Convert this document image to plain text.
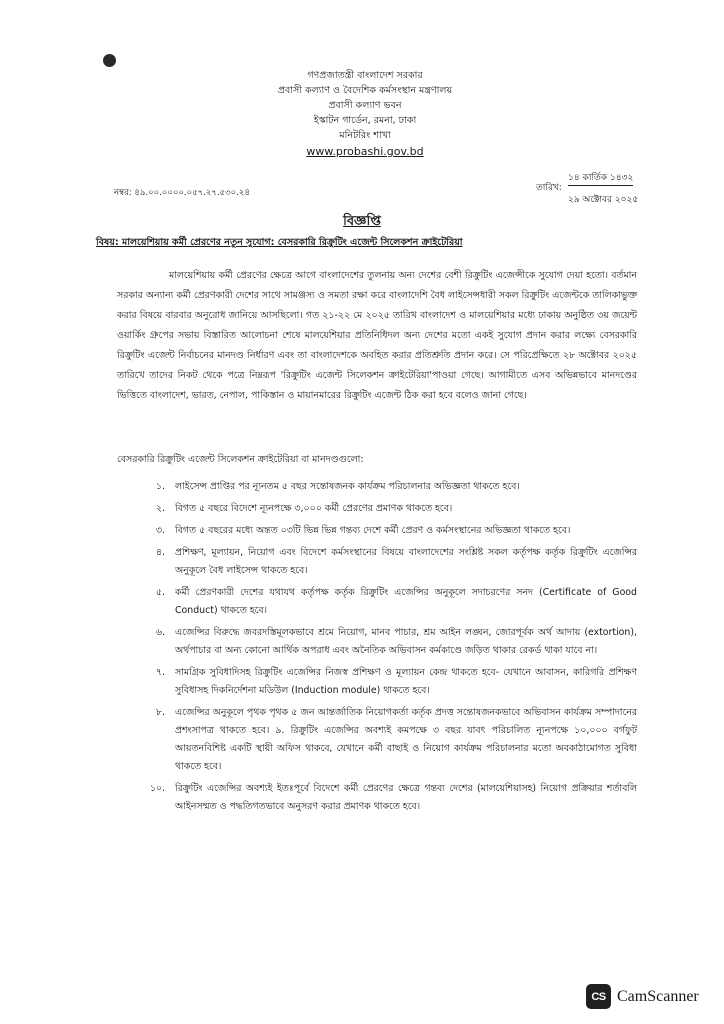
গণপ্রজাতন্ত্রী বাংলাদেশ সরকার
প্রবাসী কল্যাণ ও বৈদেশিক কর্মসংস্থান মন্ত্রণালয়
প্রবাসী কল্যাণ ভবন
ইস্কাটন গার্ডেন, রমনা, ঢাকা
মনিটরিং শাখা
www.probashi.gov.bd
নম্বর: ৪৯.০০.০০০০.০৫৭.২৭.৫৩০.২৪	তারিখ:
১৪ কার্তিক ১৪৩২
২৯ অক্টোবর ২০২৫
বিজ্ঞপ্তি
বিষয়: মালয়েশিয়ায় কর্মী প্রেরণের নতুন সুযোগ: বেসরকারি রিক্রুটিং এজেন্ট সিলেকশন ক্রাইটেরিয়া
মালয়েশিয়ায় কর্মী প্রেরণের ক্ষেত্রে আগে বাংলাদেশের তুলনায় অন্য দেশের বেশী রিক্রুটিং এজেন্সীকে সুযোগ দেয়া হতো। বর্তমান সরকার অন্যান্য কর্মী প্রেরণকারী দেশের সাথে সামঞ্জস্য ও সমতা রক্ষা করে বাংলাদেশি বৈধ লাইসেন্সধারী সকল রিক্রুটিং এজেন্টকে তালিকাভুক্ত করার বিষয়ে বারবার অনুরোধ জানিয়ে আসছিলো। গত ২১-২২ মে ২০২৫ তারিখ বাংলাদেশ ও মালয়েশিয়ার মধ্যে ঢাকায় অনুষ্ঠিত ৩য় জয়েন্ট ওয়ার্কিং গ্রুপের সভায় বিস্তারিত আলোচনা শেষে মালয়েশিয়ার প্রতিনিধিদল অন্য দেশের মতো একই সুযোগ প্রদান করার লক্ষ্যে বেসরকারি রিক্রুটিং এজেন্ট নির্বাচনের মানদণ্ড নির্ধারণ এবং তা বাংলাদেশকে অবহিত করার প্রতিশ্রুতি প্রদান করে। সে পরিপ্রেক্ষিতে ২৮ অক্টোবর ২০২৫ তারিখে তাদের নিকট থেকে পত্রে নিম্নরূপ 'রিক্রুটিং এজেন্ট সিলেকশন ক্রাইটেরিয়া'পাওয়া গেছে। আগামীতে এসব অভিন্নভাবে মানদণ্ডের ভিত্তিতে বাংলাদেশ, ভারত, নেপাল, পাকিস্তান ও মায়ানমারের রিক্রুটিং এজেন্ট ঠিক করা হবে বলেও জানা গেছে।
বেসরকারি রিক্রুটিং এজেন্ট সিলেকশন ক্রাইটেরিয়া বা মানদণ্ডগুলো:
১.	লাইসেন্স প্রাপ্তির পর ন্যূনতম ৫ বছর সন্তোষজনক কার্যক্রম পরিচালনার অভিজ্ঞতা থাকতে হবে।
২.	বিগত ৫ বছরে বিদেশে ন্যূনপক্ষে ৩,০০০ কর্মী প্রেরণের প্রমাণক থাকতে হবে।
৩.	বিগত ৫ বছরের মধ্যে অন্তত ০৩টি ভিন্ন ভিন্ন গন্তব্য দেশে কর্মী প্রেরণ ও কর্মসংস্থানের অভিজ্ঞতা থাকতে হবে।
৪.	প্রশিক্ষণ, মূল্যায়ন, নিয়োগ এবং বিদেশে কর্মসংস্থানের বিষয়ে বাংলাদেশের সংশ্লিষ্ট সকল কর্তৃপক্ষ কর্তৃক রিক্রুটিং এজেন্সির অনুকূলে বৈধ লাইসেন্স থাকতে হবে।
৫.	কর্মী প্রেরণকারী দেশের যথাযথ কর্তৃপক্ষ কর্তৃক রিক্রুটিং এজেন্সির অনুকূলে সদাচরণের সনদ (Certificate of Good Conduct) থাকতে হবে।
৬.	এজেন্সির বিরুদ্ধে জবরদস্তিমূলকভাবে শ্রমে নিয়োগ, মানব পাচার, শ্রম আইন লঙ্ঘন, জোরপূর্বক অর্থ আদায় (extortion), অর্থপাচার বা অন্য কোনো আর্থিক অপরাধ এবং অনৈতিক অভিবাসন কর্মকাণ্ডে জড়িত থাকার রেকর্ড থাকা যাবে না।
৭.	সামগ্রিক সুবিধাদিসহ রিক্রুটিং এজেন্সির নিজস্ব প্রশিক্ষণ ও মূল্যায়ন কেন্দ্র থাকতে হবে- যেখানে আবাসন, কারিগরি প্রশিক্ষণ সুবিধাসহ দিকনির্দেশনা মডিউল (Induction module) থাকতে হবে।
৮.	এজেন্সির অনুকূলে পৃথক পৃথক ৫ জন আন্তর্জাতিক নিয়োগকর্তা কর্তৃক প্রদত্ত সন্তোষজনকভাবে অভিবাসন কার্যক্রম সম্পাদানের প্রশংসাপত্র থাকতে হবে। ৯. রিক্রুটিং এজেন্সির অবশ্যই কমপক্ষে ৩ বছর যাবৎ পরিচালিত ন্যূনপক্ষে ১০,০০০ বর্গফুট আয়তনবিশিষ্ট একটি স্থায়ী অফিস থাকবে, যেখানে কর্মী বাছাই ও নিয়োগ কার্যক্রম পরিচালনার মতো অবকাঠামোগত সুবিধা থাকতে হবে।
১০.	রিক্রুটিং এজেন্সির অবশ্যই ইতঃপূর্বে বিদেশে কর্মী প্রেরণের ক্ষেত্রে গন্তব্য দেশের (মালয়েশিয়াসহ) নিয়োগ প্রক্রিয়ার শর্তাবলি আইনসম্মত ও পদ্ধতিগতভাবে অনুসরণ করার প্রমাণক থাকতে হবে।
CS CamScanner
